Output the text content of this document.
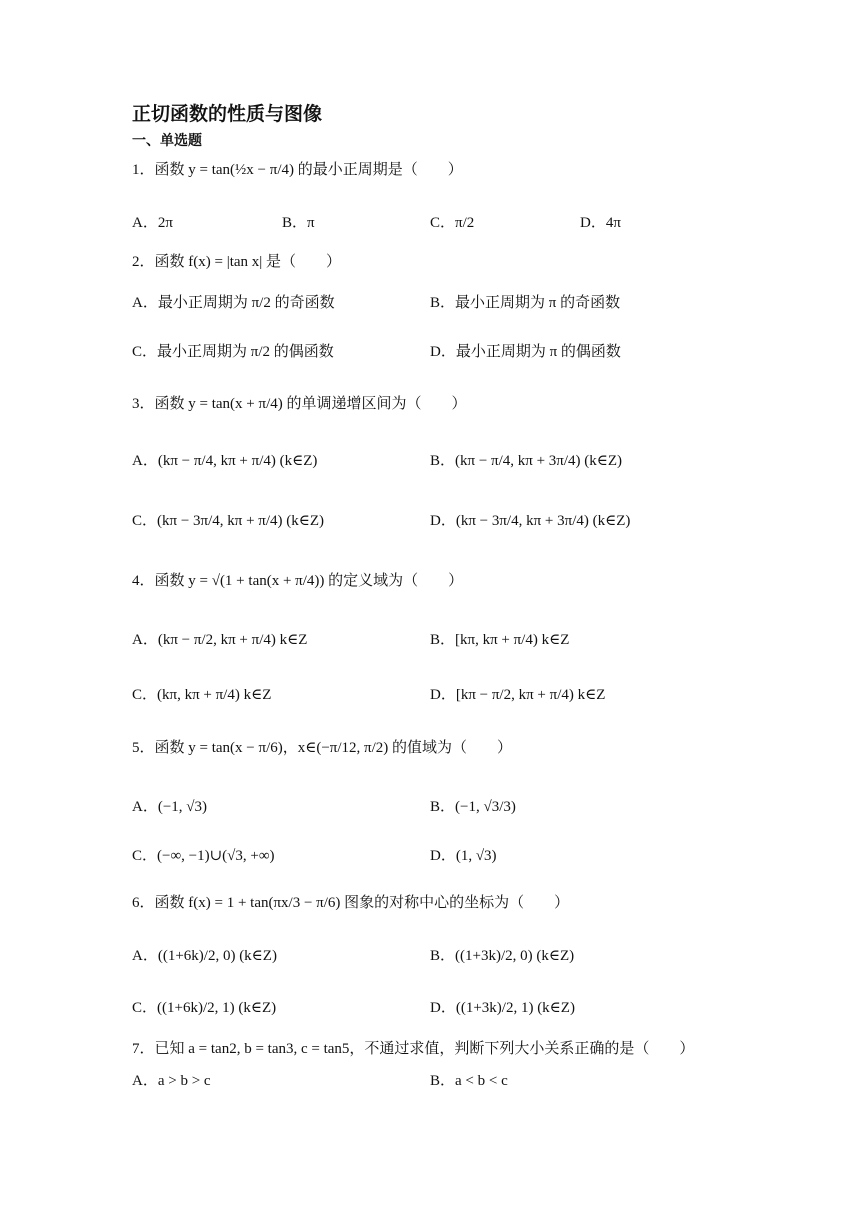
正切函数的性质与图像
一、单选题
1．函数 y = tan(½x − π/4) 的最小正周期是（　　）
A．2π	B．π	C．π/2	D．4π
2．函数 f(x) = |tan x| 是（　　）
A．最小正周期为 π/2 的奇函数	B．最小正周期为 π 的奇函数
C．最小正周期为 π/2 的偶函数	D．最小正周期为 π 的偶函数
3．函数 y = tan(x + π/4) 的单调递增区间为（　　）
A．(kπ − π/4, kπ + π/4) (k∈Z)	B．(kπ − π/4, kπ + 3π/4) (k∈Z)
C．(kπ − 3π/4, kπ + π/4) (k∈Z)	D．(kπ − 3π/4, kπ + 3π/4) (k∈Z)
4．函数 y = √(1 + tan(x + π/4)) 的定义域为（　　）
A．(kπ − π/2, kπ + π/4) k∈Z	B．[kπ, kπ + π/4) k∈Z
C．(kπ, kπ + π/4) k∈Z	D．[kπ − π/2, kπ + π/4) k∈Z
5．函数 y = tan(x − π/6)，x∈(−π/12, π/2) 的值域为（　　）
A．(−1, √3)	B．(−1, √3/3)
C．(−∞, −1)∪(√3, +∞)	D．(1, √3)
6．函数 f(x) = 1 + tan(πx/3 − π/6) 图象的对称中心的坐标为（　　）
A．((1+6k)/2, 0) (k∈Z)	B．((1+3k)/2, 0) (k∈Z)
C．((1+6k)/2, 1) (k∈Z)	D．((1+3k)/2, 1) (k∈Z)
7．已知 a = tan2, b = tan3, c = tan5，不通过求值，判断下列大小关系正确的是（　　）
A．a > b > c	B．a < b < c
